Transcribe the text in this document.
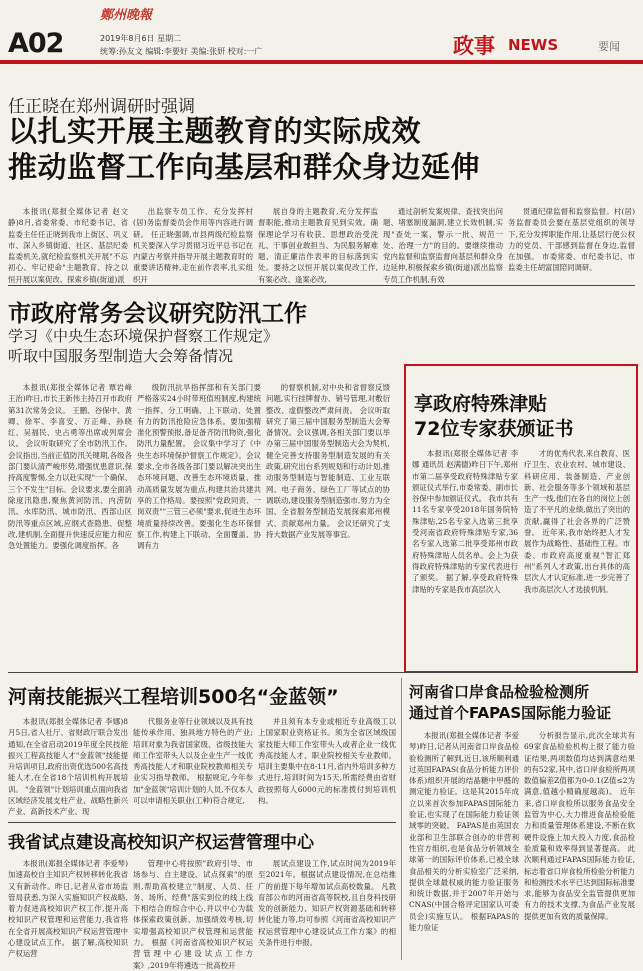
A02
鄭州晚報
2019年8月6日 星期二
统筹:孙友文 编辑:李要好 美编:张妍 校对:一广	政事 NEWS	要闻
任正晓在郑州调研时强调
以扎实开展主题教育的实际成效
推动监督工作向基层和群众身边延伸

本报讯(郑报全媒体记者 赵文静)8月,省委常委、市纪委书记、省监委主任任正晓到我市上街区、巩义市、深入乡镇街道、社区、基层纪委监委机关,就纪检监察机关开展"不忘初心、牢记使命"主题教育、持之以恒开展以案促改、探索乡镇(街道)派

出监察专员工作、充分发挥村(居)务监督委员会作用等内容进行调研。 任正晓强调,市县两级纪检监察机关要深入学习贯彻习近平总书记在内蒙古考察并指导开展主题教育时的重要讲话精神,走在前作表率,扎实组织开

展自身的主题教育,充分发挥监督职能,推动主题教育见到实效。确保理论学习有收获、思想政治受洗礼、干事创业敢担当、为民服务解难题、清正廉洁作表率的目标落到实处。要持之以恒开展以案促改工作,有案必改、逢案必改,

通过剖析发案规律、查找突出问题、堵塞制度漏洞,建立长效机制,实现"查处一案、警示一批、规范一处、治理一方"的目的。要继续推动党内监督和监察监督向基层和群众身边延伸,积极探索乡镇(街道)派出监察专员工作机制,有效

贯通纪律监督和监察监督。村(居)务监督委员会要在基层党组织的领导下,充分发挥职能作用,让基层行使公权力的党员、干部感到监督在身边,监督在加强。 市委常委、市纪委书记、市监委主任胡富国陪同调研。

市政府常务会议研究防汛工作
学习《中央生态环境保护督察工作规定》
听取中国服务型制造大会筹备情况

本报讯(郑报全媒体记者 覃岩峰 王治)昨日,市长王新伟主持召开市政府第31次常务会议。 王鹏、谷保中、黄卿、徐军、李喜安、万正峰、孙晓红、吴福民、史占勇等出席或列席会议。 会议听取研究了全市防汛工作。会议指出,当前正值防汛关键期,各级各部门要认清严峻形势,增强忧患意识,保持高度警惕,全力以赴实现"一个确保、三个不发生"目标。会议要求,要全面消除度汛隐患,聚焦黄河防汛、内涝防汛、水库防汛、城市防汛、西部山区防汛等重点区域,应纲式查隐患、促整改,建机制,全面提升快速反应能力和应急处置能力。要强化调度指挥。各

级防汛抗旱指挥部和有关部门要严格落实24小时带班值班制度,构建统一指挥、分工明确、上下联动、处置有力的防汛抢险应急体系。要加强精准化预警预报,备足备齐防汛物资,强化防汛力量配置。 会议集中学习了《中央生态环境保护督察工作规定》。会议要求,全市各级各部门要以解决突出生态环境问题、改善生态环境质量、推动高质量发展为重点,构建共治共建共享的工作格局。要按照"党政同责、一岗双责""三管三必须"要求,促进生态环境质量持续改善。要强化生态环保督察工作,构建上下联动、全面覆盖、协调有力

的督察机制,对中央和省督察反馈问题,实行挂牌督办、销号管理,对敷衍整改、虚假整改严肃问责。 会议听取研究了第三届中国服务型制造大会筹备情况。会议强调,各相关部门要以举办第三届中国服务型制造大会为契机,健全完善支持服务型制造发展的有关政策,研究出台系列规划和行动计划,推动服务型制造与智能制造、工业互联网、电子商务、绿色工厂等试点的协调联动,建设服务型制造强市,努力为全国、全省服务型制造发展探索郑州模式、贡献郑州力量。 会议还研究了支持大数据产业发展等事宜。

享政府特殊津贴
72位专家获颁证书

本报讯(郑报全媒体记者 李娜 通讯员 赵满德)昨日下午,郑州市第二届享受政府特殊津贴专家颁证仪式举行,市委常委、副市长谷保中参加颁证仪式。 我市共有11名专家享受2018年国务院特殊津贴,25名专家入选第三批享受河南省政府特殊津贴专家,36名专家入选第二批享受郑州市政府特殊津贴人员名单。会上为获得政府特殊津贴的专家代表进行了颁奖。 据了解,享受政府特殊津贴的专家是我市高层次人

才的优秀代表,来自教育、医疗卫生、农业农村、城市建设、科研应用、装备制造、产业创新、社会服务等多个领域和基层生产一线,他们在各自的岗位上创造了不平凡的业绩,做出了突出的贡献,赢得了社会各界的广泛赞誉。 近年来,我市始终把人才发展作为战略性、基础性工程。市委、市政府高度重视"智汇郑州"系列人才政策,出台具体的高层次人才认定标准,进一步完善了我市高层次人才选拔机制。

河南技能振兴工程培训500名“金蓝领”

本报讯(郑报全媒体记者 李娜)8月5日,省人社厅、省财政厅联合发出通知,在全省启动2019年度全民技能振兴工程高技能人才"金蓝领"技能提升培训项目,政府出资优选500名高技能人才,在全省18个培训机构开展培训。 "金蓝领"计划培训重点面向我省区域经济发展支柱产业、战略性新兴产业、高新技术产业、现

代服务业等行业领域以及具有技能传承作用、独具地方特色的产业;培训对象为我省国家级、省级技能大师工作室带头人以及企业生产一线优秀高技能人才和职业院校教师相关专业实习指导教师。 根据规定,今年参加"金蓝领"培训计划的人员,不仅本人可以申请相关职业(工种)符合规定,

并且须有本专业或相近专业高级工以上国家职业资格证书。须为全省区域级国家技能大师工作室带头人或者企业一线优秀高技能人才、职业院校相关专业教师。 培训主要集中在8-11月,省内外培训多种方式进行,培训时间为15天,所需经费由省财政按照每人6000元的标准拨付到培训机构。

河南省口岸食品检验检测所
通过首个FAPAS国际能力验证

本报讯(郑报全媒体记者 李爱琴)昨日,记者从河南省口岸食品检验检测所了解到,近日,该所顺利通过英国FAPAS(食品分析能力评价体系)组织开展的结晶糖中甲醛的测定能力验证。这是其2015年成立以来首次参加FAPAS国际能力验证,也实现了在国际能力验证领域零的突破。 FAPAS是由英国农业部和卫生部联合创办的非营利性官方组织,也是食品分析领域全球第一的国际评价体系,已被全球食品相关的分析实验室广泛采纳,提供全球最权威的能力验证服务和统计数据,并于2007年开始与CNAS(中国合格评定国家认可委员会)实施互认。 根据FAPAS的能力验证

分析报告显示,此次全球共有69家食品检验机构上报了能力验证结果,两项数值均达到满意结果的有52家,其中,省口岸食检所两项数值偏差Z值都为0-0.1(Z值≤2为满意,值越小精确度越高)。 近年来,省口岸食检所以服务食品安全监管为中心,大力推进食品检验能力和质量管理体系建设,不断在软硬件设施上加大投入力度,食品检验质量和效率得到显著提高。 此次顺利通过FAPAS国际能力验证,标志着省口岸食检所检验分析能力和检测技术水平已达到国际标准要求,能够为食品安全监管提供更加有力的技术支撑,为食品产业发展提供更加有效的质量保障。

我省试点建设高校知识产权运营管理中心

本报讯(郑报全媒体记者 李爱琴)加速高校自主知识产权转移转化我省又有新动作。昨日,记者从省市场监管局获悉,为深入实施知识产权战略,着力促进高校知识产权工作,提升高校知识产权管理和运营能力,我省将在全省开展高校知识产权运营管理中心建设试点工作。 据了解,高校知识产权运营

管理中心将按照"政府引导、市场参与、自主建设、试点探索"的原则,帮助高校建立"制度、人员、任务、场所、经费"落实到位的线上线下相结合的综合中心,并以中心为载体探索政策创新、加强绩效考核,切实增强高校知识产权管理和运营能力。 根据《河南省高校知识产权运营管理中心建设试点工作方案》,2019年将遴选一批高校开

展试点建设工作,试点时间为2019年至2021年。根据试点建设情况,在总结推广的前提下每年增加试点高校数量。 凡教育部公布的河南省高等院校,且自身科技研发的创新能力、知识产权资源基础和转移转化能力等,均可参照《河南省高校知识产权运营管理中心建设试点工作方案》的相关条件进行申报。
